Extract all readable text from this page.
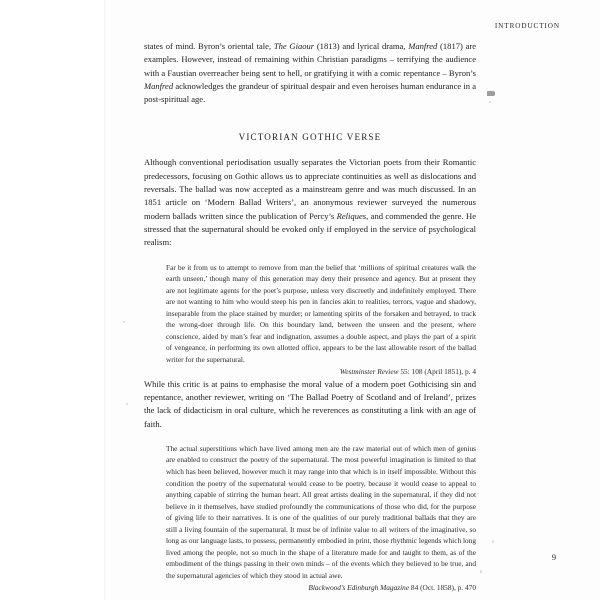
INTRODUCTION

states of mind. Byron’s oriental tale, The Giaour (1813) and lyrical drama, Manfred (1817) are examples. However, instead of remaining within Christian paradigms – terrifying the audience with a Faustian overreacher being sent to hell, or gratifying it with a comic repentance – Byron’s Manfred acknowledges the grandeur of spiritual despair and even heroises human endurance in a post-spiritual age.

VICTORIAN GOTHIC VERSE

Although conventional periodisation usually separates the Victorian poets from their Romantic predecessors, focusing on Gothic allows us to appreciate continuities as well as dislocations and reversals. The ballad was now accepted as a mainstream genre and was much discussed. In an 1851 article on ‘Modern Ballad Writers’, an anonymous reviewer surveyed the numerous modern ballads written since the publication of Percy’s Reliques, and commended the genre. He stressed that the supernatural should be evoked only if employed in the service of psychological realism:

Far be it from us to attempt to remove from man the belief that ‘millions of spiritual creatures walk the earth unseen,’ though many of this generation may deny their presence and agency. But at present they are not legitimate agents for the poet’s purpose, unless very discreetly and indefinitely employed. There are not wanting to him who would steep his pen in fancies akin to realities, terrors, vague and shadowy, inseparable from the place stained by murder; or lamenting spirits of the forsaken and betrayed, to track the wrong-doer through life. On this boundary land, between the unseen and the present, where conscience, aided by man’s fear and indignation, assumes a double aspect, and plays the part of a spirit of vengeance, in performing its own allotted office, appears to be the last allowable resort of the ballad writer for the supernatural.

Westminster Review 55: 108 (April 1851), p. 4

While this critic is at pains to emphasise the moral value of a modern poet Gothicising sin and repentance, another reviewer, writing on ‘The Ballad Poetry of Scotland and of Ireland’, prizes the lack of didacticism in oral culture, which he reverences as constituting a link with an age of faith.

The actual superstitions which have lived among men are the raw material out of which men of genius are enabled to construct the poetry of the supernatural. The most powerful imagination is limited to that which has been believed, however much it may range into that which is in itself impossible. Without this condition the poetry of the supernatural would cease to be poetry, because it would cease to appeal to anything capable of stirring the human heart. All great artists dealing in the supernatural, if they did not believe in it themselves, have studied profoundly the communications of those who did, for the purpose of giving life to their narratives. It is one of the qualities of our purely traditional ballads that they are still a living fountain of the supernatural. It must be of infinite value to all writers of the imaginative, so long as our language lasts, to possess, permanently embodied in print, those rhythmic legends which long lived among the people, not so much in the shape of a literature made for and taught to them, as of the embodiment of the things passing in their own minds – of the events which they believed to be true, and the supernatural agencies of which they stood in actual awe.

Blackwood’s Edinburgh Magazine 84 (Oct. 1858), p. 470

9
